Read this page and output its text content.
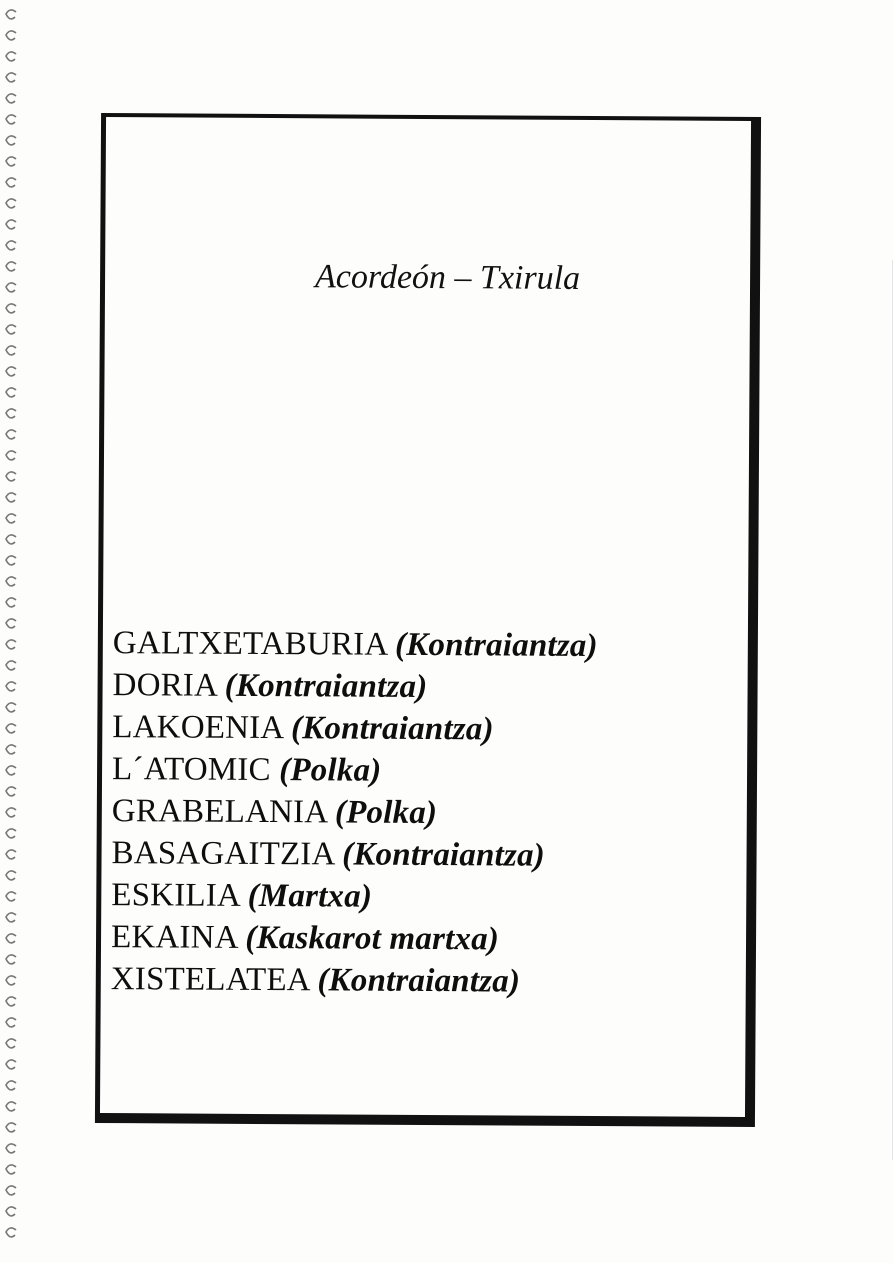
Acordeón – Txirula
GALTXETABURIA (Kontraiantza)
DORIA (Kontraiantza)
LAKOENIA (Kontraiantza)
L´ATOMIC (Polka)
GRABELANIA (Polka)
BASAGAITZIA (Kontraiantza)
ESKILIA (Martxa)
EKAINA (Kaskarot martxa)
XISTELATEA (Kontraiantza)
